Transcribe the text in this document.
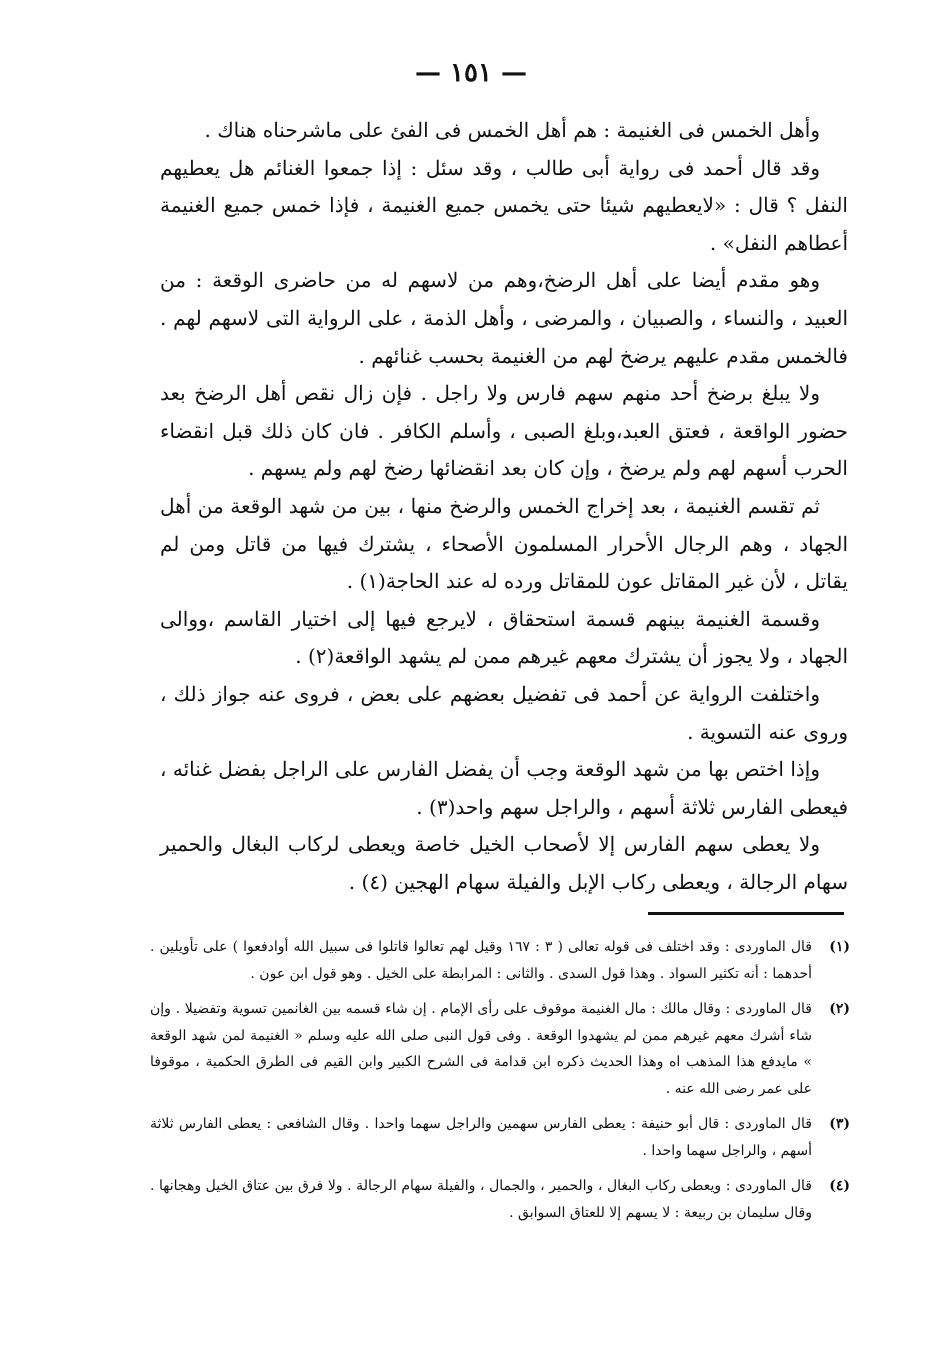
— ١٥١ —

وأهل الخمس فى الغنيمة : هم أهل الخمس فى الفئ على ماشرحناه هناك .

وقد قال أحمد فى رواية أبى طالب ، وقد سئل : إذا جمعوا الغنائم هل يعطيهم النفل ؟ قال : «لايعطيهم شيئا حتى يخمس جميع الغنيمة ، فإذا خمس جميع الغنيمة أعطاهم النفل» .

وهو مقدم أيضا على أهل الرضخ،وهم من لاسهم له من حاضرى الوقعة : من العبيد ، والنساء ، والصبيان ، والمرضى ، وأهل الذمة ، على الرواية التى لاسهم لهم . فالخمس مقدم عليهم يرضخ لهم من الغنيمة بحسب غنائهم .

ولا يبلغ برضخ أحد منهم سهم فارس ولا راجل . فإن زال نقص أهل الرضخ بعد حضور الواقعة ، فعتق العبد،وبلغ الصبى ، وأسلم الكافر . فان كان ذلك قبل انقضاء الحرب أسهم لهم ولم يرضخ ، وإن كان بعد انقضائها رضخ لهم ولم يسهم .

ثم تقسم الغنيمة ، بعد إخراج الخمس والرضخ منها ، بين من شهد الوقعة من أهل الجهاد ، وهم الرجال الأحرار المسلمون الأصحاء ، يشترك فيها من قاتل ومن لم يقاتل ، لأن غير المقاتل عون للمقاتل ورده له عند الحاجة(١) .

وقسمة الغنيمة بينهم قسمة استحقاق ، لايرجع فيها إلى اختيار القاسم ،ووالى الجهاد ، ولا يجوز أن يشترك معهم غيرهم ممن لم يشهد الواقعة(٢) .

واختلفت الرواية عن أحمد فى تفضيل بعضهم على بعض ، فروى عنه جواز ذلك ، وروى عنه التسوية .

وإذا اختص بها من شهد الوقعة وجب أن يفضل الفارس على الراجل بفضل غنائه ، فيعطى الفارس ثلاثة أسهم ، والراجل سهم واحد(٣) .

ولا يعطى سهم الفارس إلا لأصحاب الخيل خاصة ويعطى لركاب البغال والحمير سهام الرجالة ، ويعطى ركاب الإبل والفيلة سهام الهجين (٤) .

(١)
قال الماوردى : وقد اختلف فى قوله تعالى ( ٣ : ١٦٧ وقيل لهم تعالوا قاتلوا فى سبيل الله أوادفعوا ) على تأويلين . أحدهما : أنه تكثير السواد . وهذا قول السدى . والثانى : المرابطة على الخيل . وهو قول ابن عون .
(٢)
قال الماوردى : وقال مالك : مال الغنيمة موقوف على رأى الإمام . إن شاء قسمه بين الغانمين تسوية وتفضيلا . وإن شاء أشرك معهم غيرهم ممن لم يشهدوا الوقعة . وفى قول النبى صلى الله عليه وسلم « الغنيمة لمن شهد الوقعة » مايدفع هذا المذهب اه وهذا الحديث ذكره ابن قدامة فى الشرح الكبير وابن القيم فى الطرق الحكمية ، موقوفا على عمر رضى الله عنه .
(٣)
قال الماوردى : قال أبو حنيفة : يعطى الفارس سهمين والراجل سهما واحدا . وقال الشافعى : يعطى الفارس ثلاثة أسهم ، والراجل سهما واحدا .
(٤)
قال الماوردى : ويعطى ركاب البغال ، والحمير ، والجمال ، والفيلة سهام الرجالة . ولا فرق بين عتاق الخيل وهجانها . وقال سليمان بن ربيعة : لا يسهم إلا للعتاق السوابق .
